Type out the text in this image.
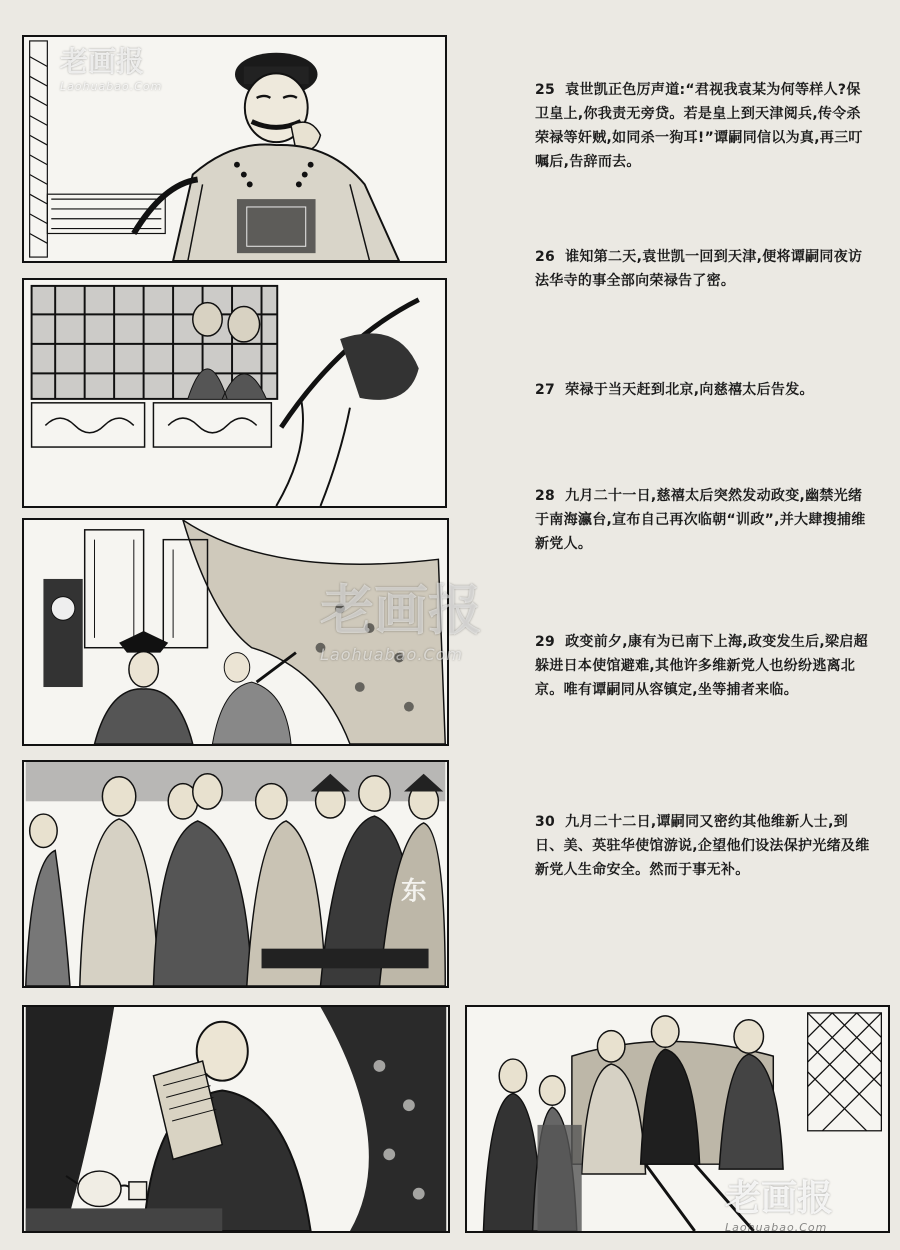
老画报
Laohuabao.Com	25 袁世凯正色厉声道:“君视我袁某为何等样人?保卫皇上,你我责无旁贷。若是皇上到天津阅兵,传令杀荣禄等奸贼,如同杀一狗耳!”谭嗣同信以为真,再三叮嘱后,告辞而去。
26 谁知第二天,袁世凯一回到天津,便将谭嗣同夜访法华寺的事全部向荣禄告了密。
27 荣禄于当天赶到北京,向慈禧太后告发。
老画报
Laohuabao.Com
28 九月二十一日,慈禧太后突然发动政变,幽禁光绪于南海瀛台,宣布自己再次临朝“训政”,并大肆搜捕维新党人。
29 政变前夕,康有为已南下上海,政变发生后,梁启超躲进日本使馆避难,其他许多维新党人也纷纷逃离北京。唯有谭嗣同从容镇定,坐等捕者来临。
东
30 九月二十二日,谭嗣同又密约其他维新人士,到日、美、英驻华使馆游说,企望他们设法保护光绪及维新党人生命安全。然而于事无补。
老画报
Laohuabao.Com
